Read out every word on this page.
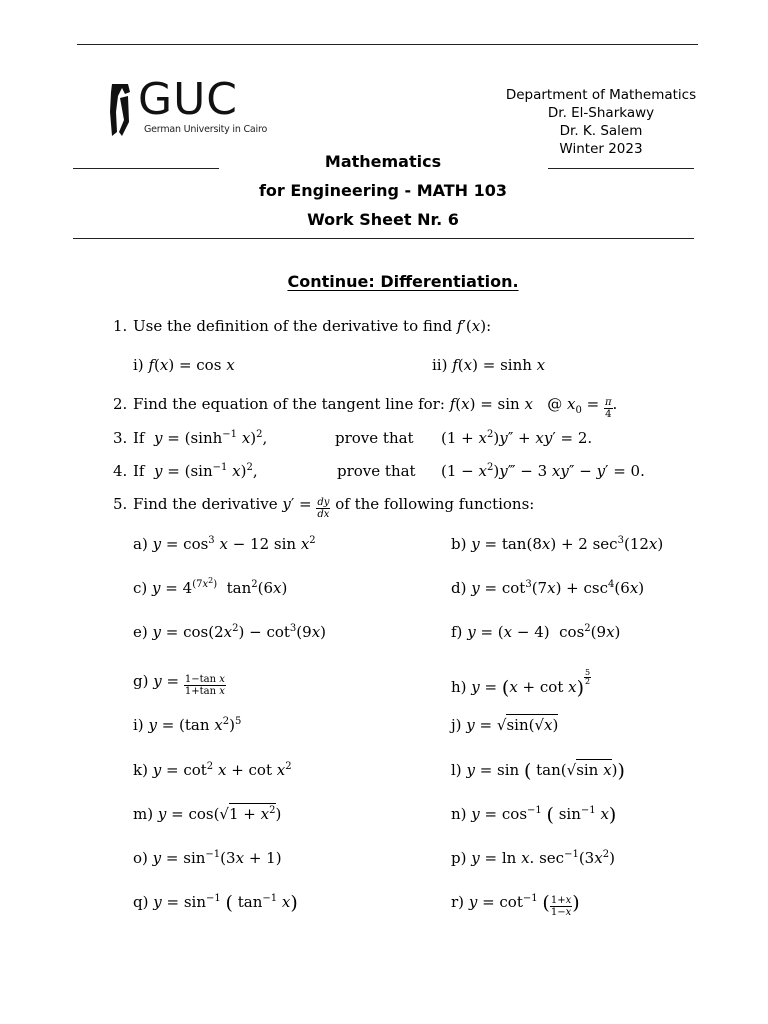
GUC
German University in Cairo
Department of Mathematics
Dr. El-Sharkawy
Dr. K. Salem
Winter 2023
Mathematics
for Engineering - MATH 103
Work Sheet Nr. 6
Continue: Differentiation.
1. Use the definition of the derivative to find f′(x):
i) f(x) = cos x	ii) f(x) = sinh x
2. Find the equation of the tangent line for: f(x) = sin x   @ $x_0 = \frac{\pi}{4}$ .
3. If $y = (\sinh^{-1}$ x)$^2$,	prove that $(1 + x^2)y'' + xy' = 2$.
4. If $y = (\sin^{-1}$ x)$^2$,	prove that $(1 - x^2)y‴ - 3$ xy″ − y′ = 0.
5. Find the derivative $y' = \frac{dy}{dx}$ of the following functions:
a) $y = \cos^3 x - 12$ $\sin x^2$	b) y = tan(8x) + 2 $\sec^3(12x)$
c) $y = 4^{(7x^2)}$  $\tan^2(6x)$	d) $y = \cot^3(7x) + \csc^4(6x)$
e) $y = \cos(2x^2) - \cot^3(9x)$	f) y = (x − 4)  $\cos^2(9x)$
g) $y = \frac{\text{1−tan x}}{\text{1+tan x}}$	h) y = (x + cot x) $^{\frac{5}{2}}$
i) y = (tan $x^2)^5$	j) y = √sin(√x)
k) $y = \cot^2 x + \cot x^2$	l) y = sin ( tan(√sin x))
m) $y = \cos(√1 + x^2)$	n) $y = \cos^{-1}$ ( $\sin^{-1} x$)
o) $y = \sin^{-1}(3x + 1)$	p) y = ln x. $\sec^{-1}(3x^2)$
q) $y = \sin^{-1}$ ( $\tan^{-1} x$)	r) $y = \cot^{-1}$ ( $\frac{1+x}{1-x}$ )
